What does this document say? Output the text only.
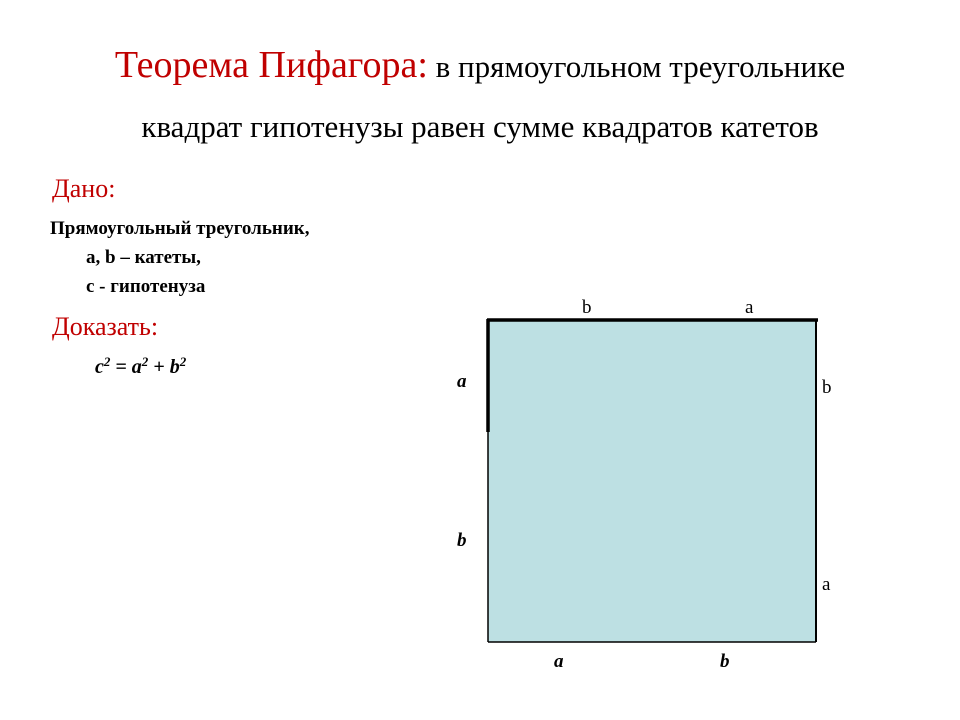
Теорема Пифагора: в прямоугольном треугольнике
квадрат гипотенузы равен сумме квадратов катетов
Дано:
Прямоугольный треугольник,
a, b – катеты,
c - гипотенуза
Доказать:
$c^2 = a^2 + b^2$
b	a
b
a
a
b
a	b
